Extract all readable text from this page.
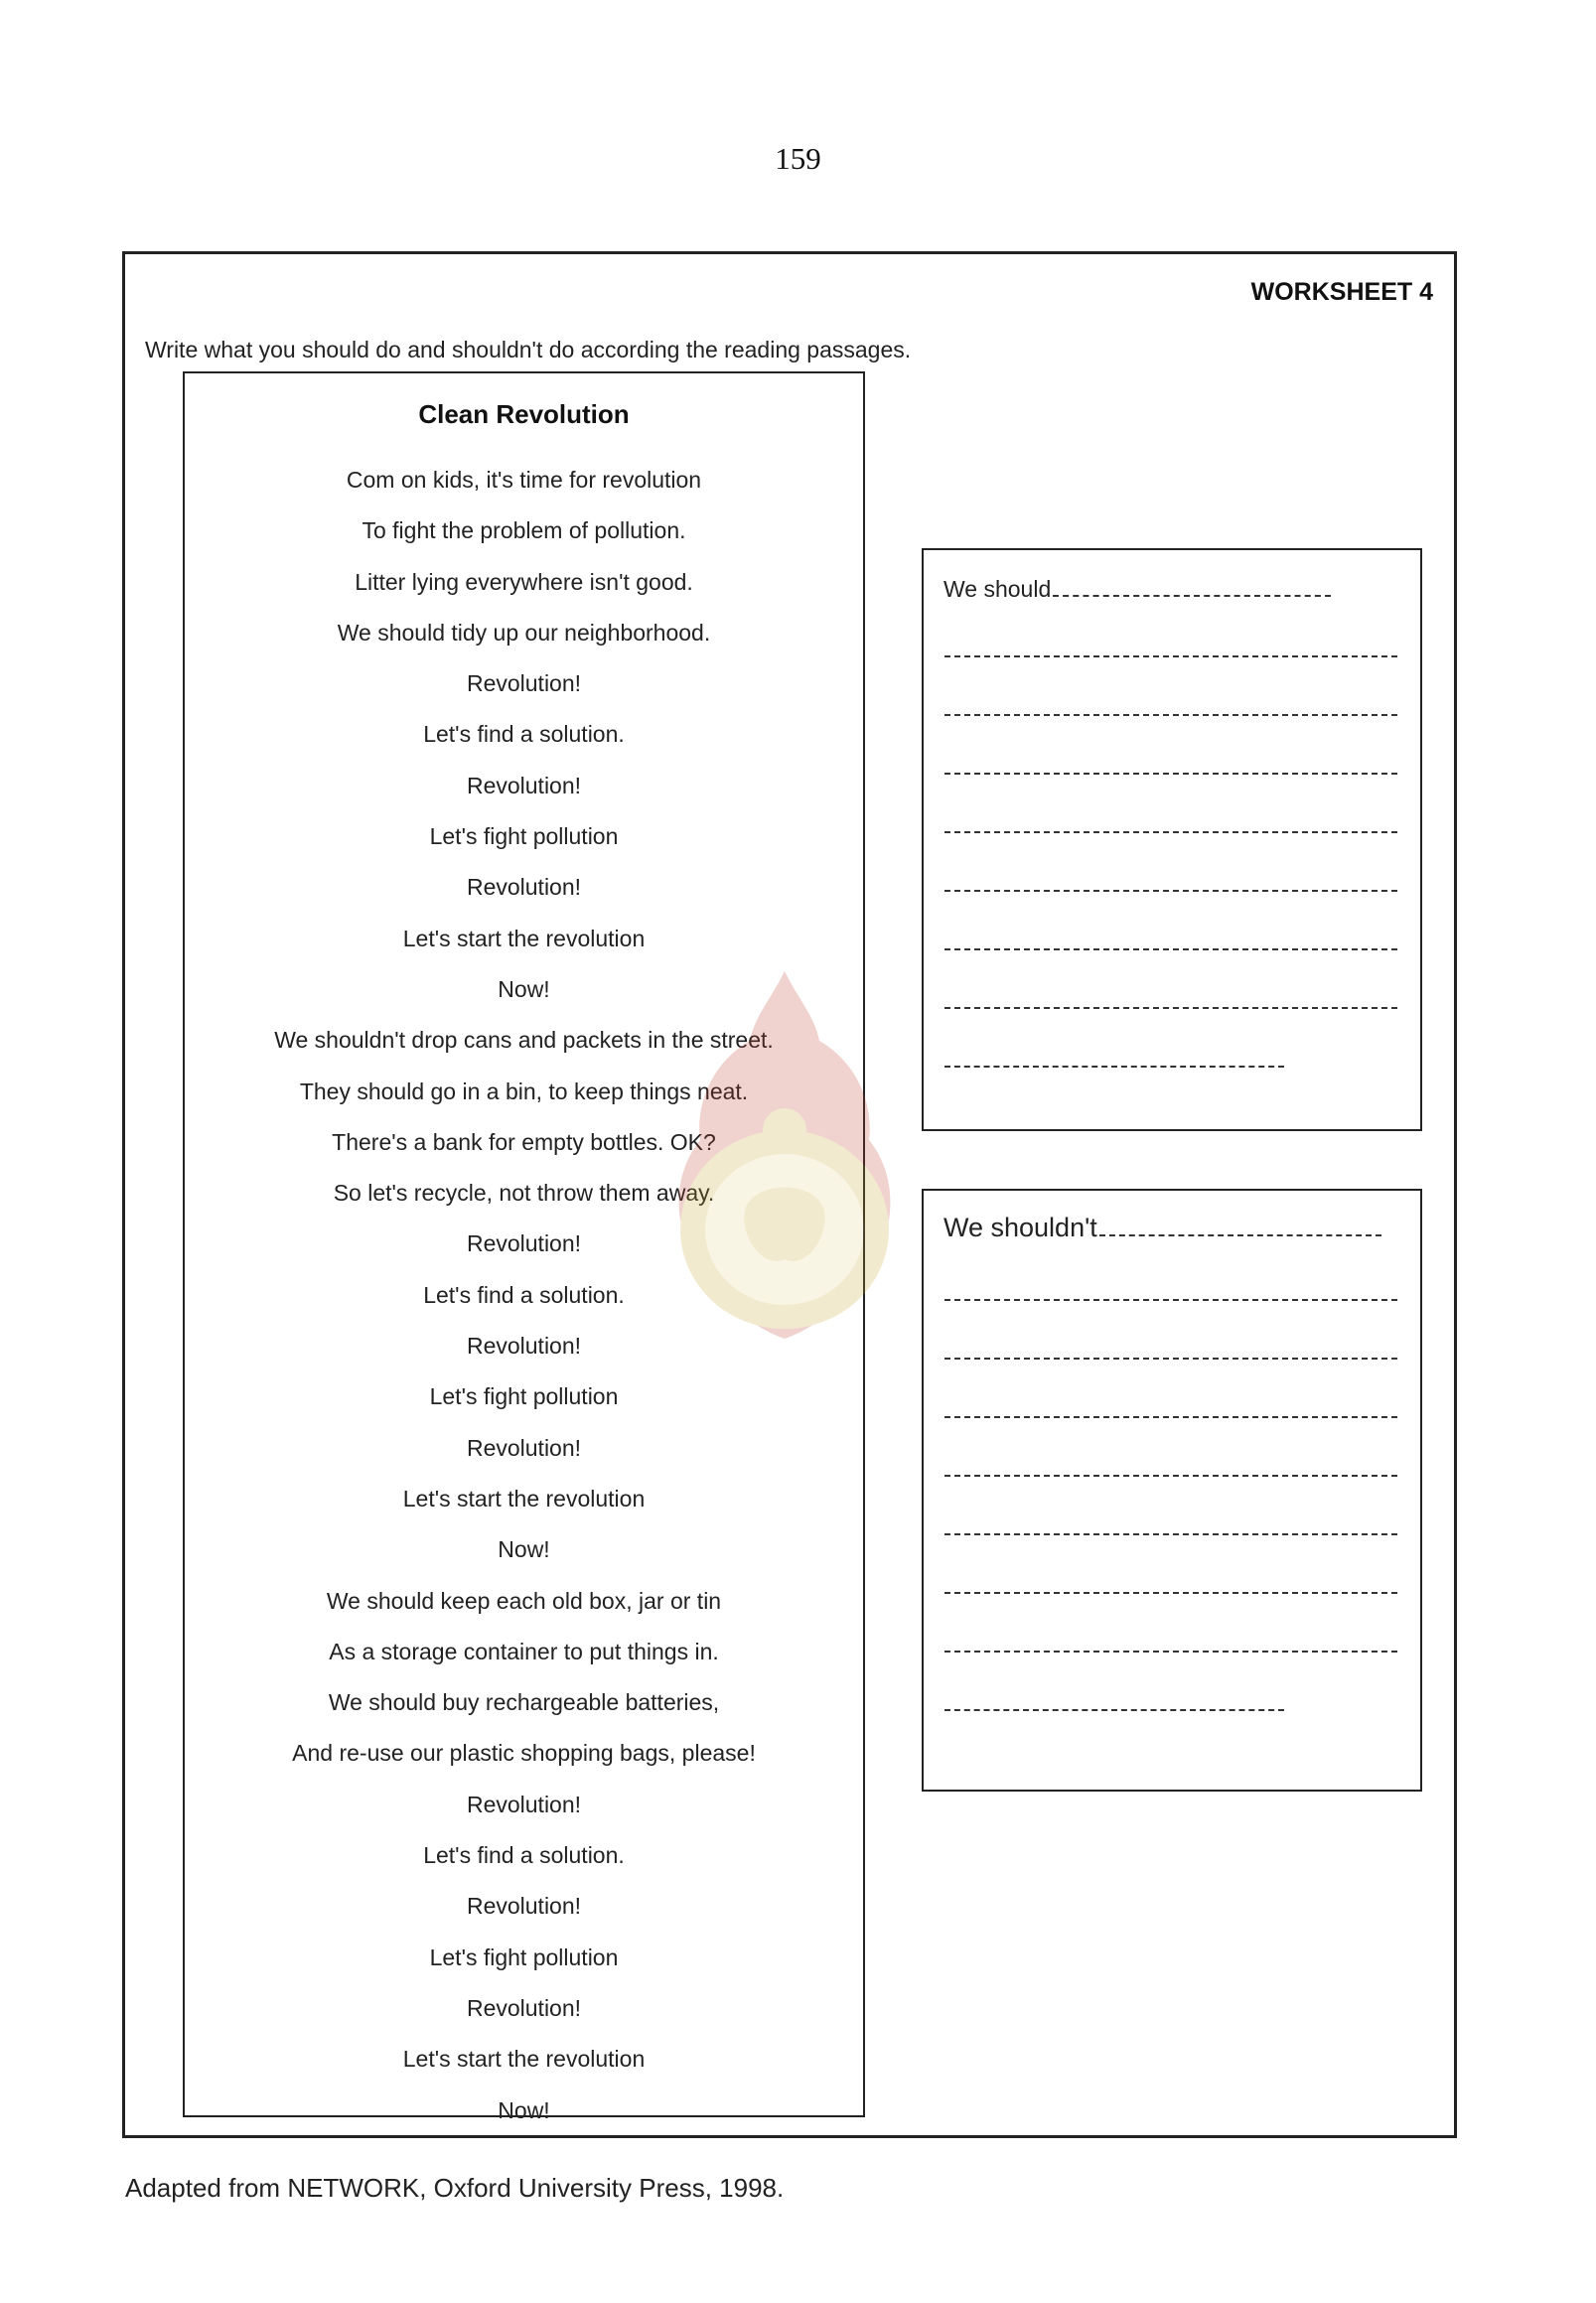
159
WORKSHEET 4
Write what you should do and shouldn't do according the reading passages.
Clean Revolution
Com on kids, it's time for revolution
To fight the problem of pollution.
Litter lying everywhere isn't good.
We should tidy up our neighborhood.
Revolution!
Let's find a solution.
Revolution!
Let's fight pollution
Revolution!
Let's start the revolution
Now!
We shouldn't drop cans and packets in the street.
They should go in a bin, to keep things neat.
There's a bank for empty bottles. OK?
So let's recycle, not throw them away.
Revolution!
Let's find a solution.
Revolution!
Let's fight pollution
Revolution!
Let's start the revolution
Now!
We should keep each old box, jar or tin
As a storage container to put things in.
We should buy rechargeable batteries,
And re-use our plastic shopping bags, please!
Revolution!
Let's find a solution.
Revolution!
Let's fight pollution
Revolution!
Let's start the revolution
Now!
We should
We shouldn't
Adapted from NETWORK, Oxford University Press, 1998.
